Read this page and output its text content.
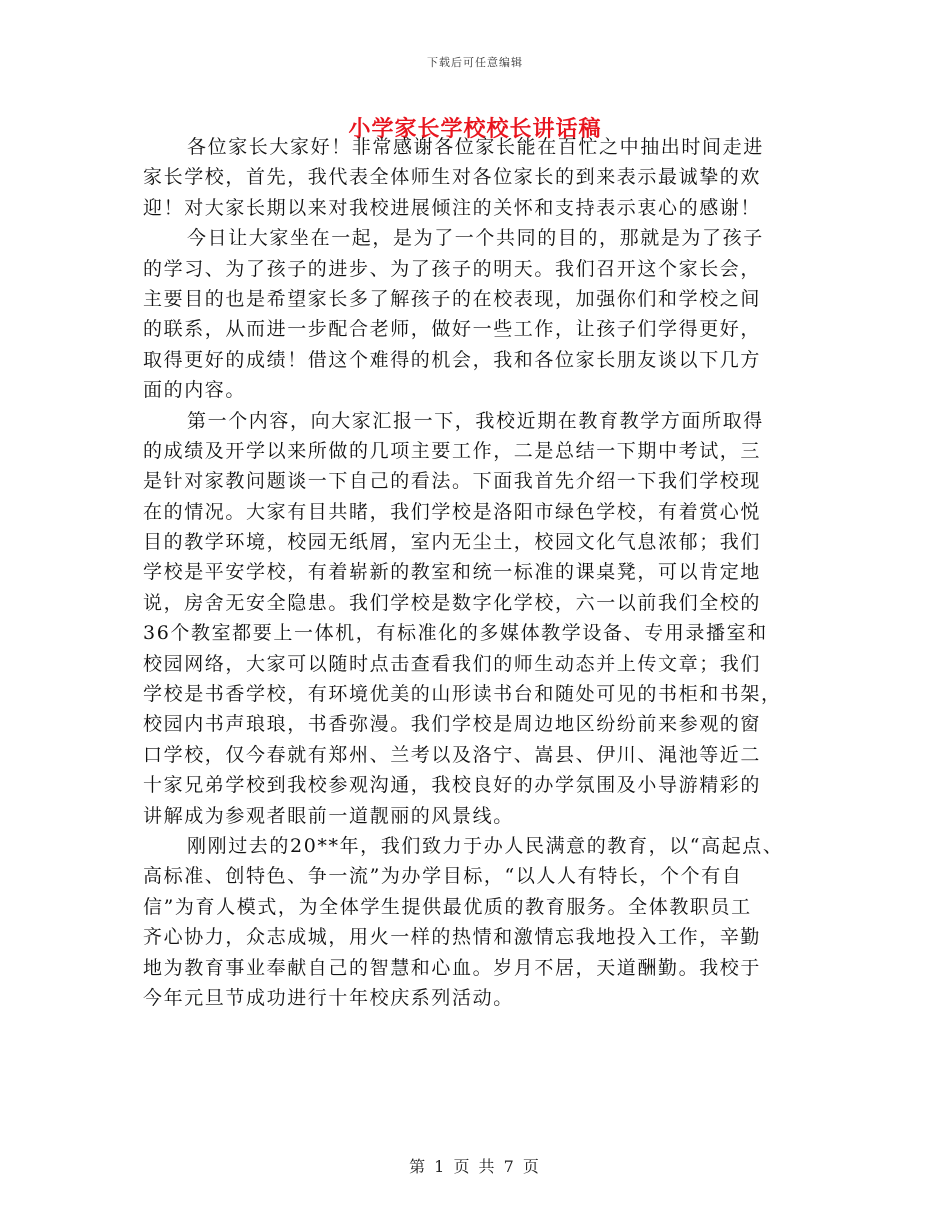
下载后可任意编辑
小学家长学校校长讲话稿
各位家长大家好！非常感谢各位家长能在百忙之中抽出时间走进
家长学校，首先，我代表全体师生对各位家长的到来表示最诚挚的欢
迎！对大家长期以来对我校进展倾注的关怀和支持表示衷心的感谢！
今日让大家坐在一起，是为了一个共同的目的，那就是为了孩子
的学习、为了孩子的进步、为了孩子的明天。我们召开这个家长会，
主要目的也是希望家长多了解孩子的在校表现，加强你们和学校之间
的联系，从而进一步配合老师，做好一些工作，让孩子们学得更好，
取得更好的成绩！借这个难得的机会，我和各位家长朋友谈以下几方
面的内容。
第一个内容，向大家汇报一下，我校近期在教育教学方面所取得
的成绩及开学以来所做的几项主要工作，二是总结一下期中考试，三
是针对家教问题谈一下自己的看法。下面我首先介绍一下我们学校现
在的情况。大家有目共睹，我们学校是洛阳市绿色学校，有着赏心悦
目的教学环境，校园无纸屑，室内无尘土，校园文化气息浓郁；我们
学校是平安学校，有着崭新的教室和统一标准的课桌凳，可以肯定地
说，房舍无安全隐患。我们学校是数字化学校，六一以前我们全校的
36个教室都要上一体机，有标准化的多媒体教学设备、专用录播室和
校园网络，大家可以随时点击查看我们的师生动态并上传文章；我们
学校是书香学校，有环境优美的山形读书台和随处可见的书柜和书架，
校园内书声琅琅，书香弥漫。我们学校是周边地区纷纷前来参观的窗
口学校，仅今春就有郑州、兰考以及洛宁、嵩县、伊川、渑池等近二
十家兄弟学校到我校参观沟通，我校良好的办学氛围及小导游精彩的
讲解成为参观者眼前一道靓丽的风景线。
刚刚过去的20**年，我们致力于办人民满意的教育，以“高起点、
高标准、创特色、争一流”为办学目标，“以人人有特长，个个有自
信”为育人模式，为全体学生提供最优质的教育服务。全体教职员工
齐心协力，众志成城，用火一样的热情和激情忘我地投入工作，辛勤
地为教育事业奉献自己的智慧和心血。岁月不居，天道酬勤。我校于
今年元旦节成功进行十年校庆系列活动。
第 1 页 共 7 页
